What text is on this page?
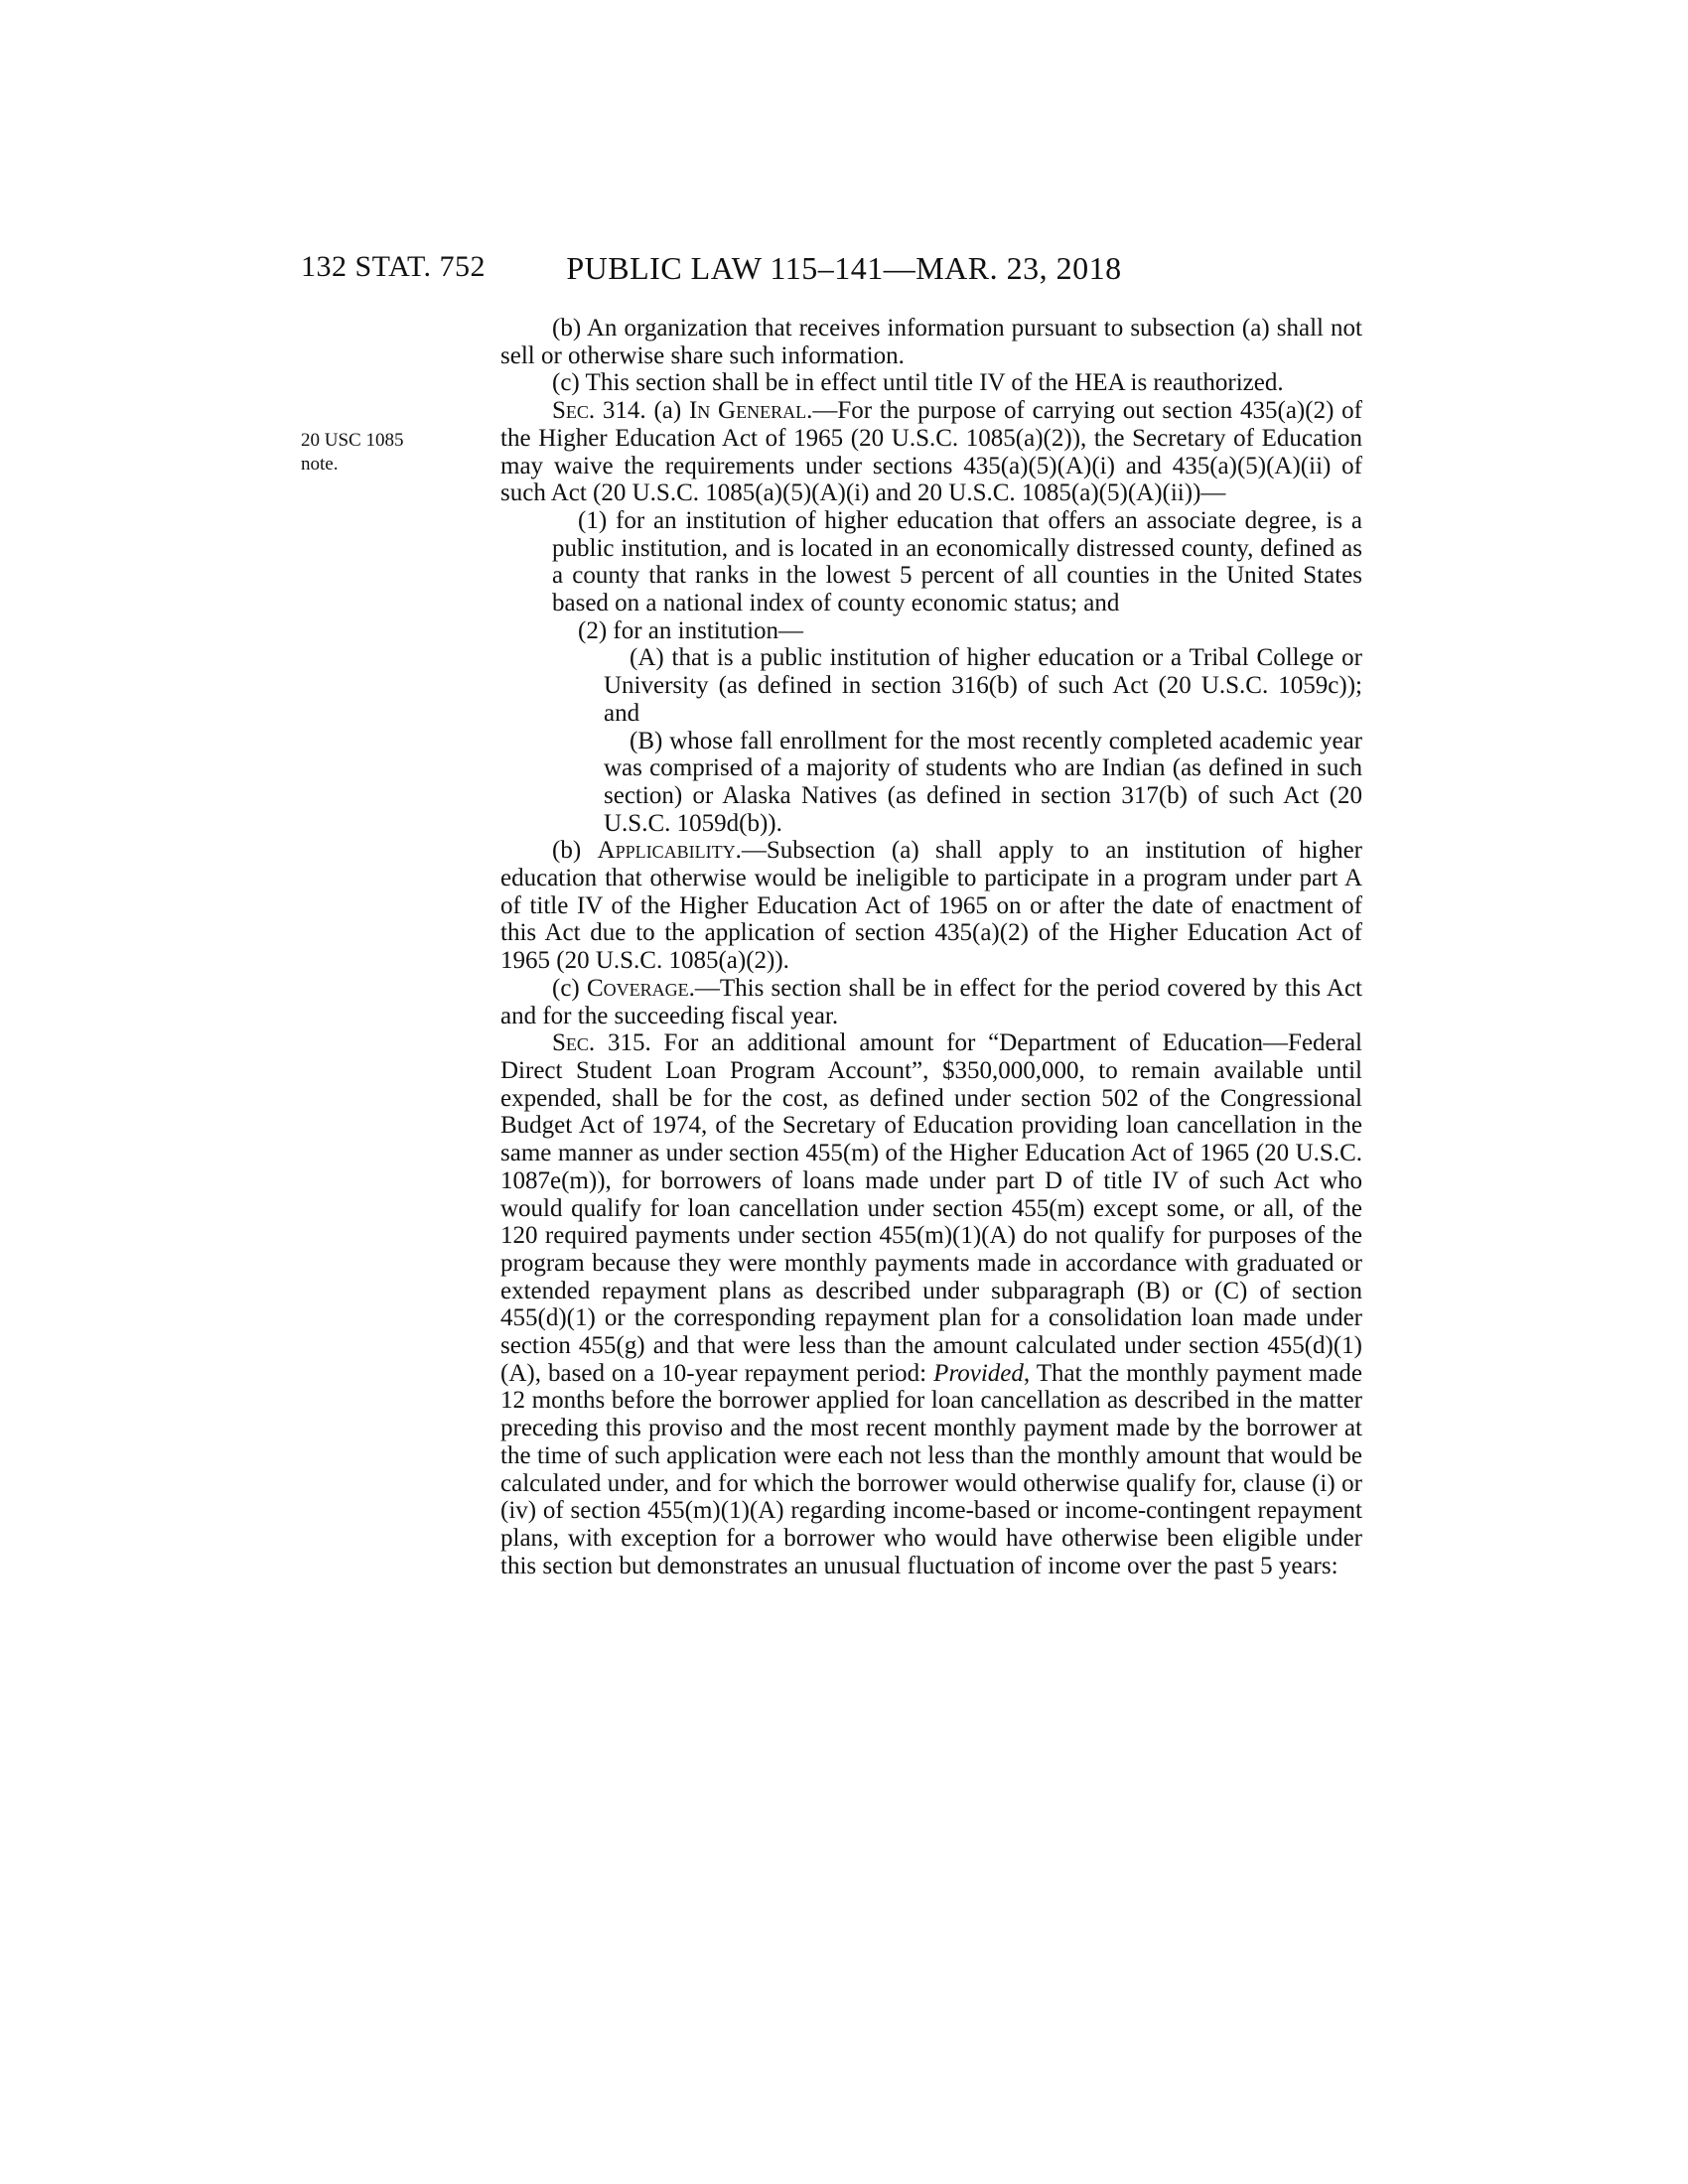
132 STAT. 752	PUBLIC LAW 115–141—MAR. 23, 2018
20 USC 1085
note.

(b) An organization that receives information pursuant to subsection (a) shall not sell or otherwise share such information.

(c) This section shall be in effect until title IV of the HEA is reauthorized.

Sec. 314. (a) In General.—For the purpose of carrying out section 435(a)(2) of the Higher Education Act of 1965 (20 U.S.C. 1085(a)(2)), the Secretary of Education may waive the requirements under sections 435(a)(5)(A)(i) and 435(a)(5)(A)(ii) of such Act (20 U.S.C. 1085(a)(5)(A)(i) and 20 U.S.C. 1085(a)(5)(A)(ii))—

(1) for an institution of higher education that offers an associate degree, is a public institution, and is located in an economically distressed county, defined as a county that ranks in the lowest 5 percent of all counties in the United States based on a national index of county economic status; and

(2) for an institution—

(A) that is a public institution of higher education or a Tribal College or University (as defined in section 316(b) of such Act (20 U.S.C. 1059c)); and

(B) whose fall enrollment for the most recently completed academic year was comprised of a majority of students who are Indian (as defined in such section) or Alaska Natives (as defined in section 317(b) of such Act (20 U.S.C. 1059d(b)).

(b) Applicability.—Subsection (a) shall apply to an institution of higher education that otherwise would be ineligible to participate in a program under part A of title IV of the Higher Education Act of 1965 on or after the date of enactment of this Act due to the application of section 435(a)(2) of the Higher Education Act of 1965 (20 U.S.C. 1085(a)(2)).

(c) Coverage.—This section shall be in effect for the period covered by this Act and for the succeeding fiscal year.

Sec. 315. For an additional amount for “Department of Education—Federal Direct Student Loan Program Account”, $350,000,000, to remain available until expended, shall be for the cost, as defined under section 502 of the Congressional Budget Act of 1974, of the Secretary of Education providing loan cancellation in the same manner as under section 455(m) of the Higher Education Act of 1965 (20 U.S.C. 1087e(m)), for borrowers of loans made under part D of title IV of such Act who would qualify for loan cancellation under section 455(m) except some, or all, of the 120 required payments under section 455(m)(1)(A) do not qualify for purposes of the program because they were monthly payments made in accordance with graduated or extended repayment plans as described under subparagraph (B) or (C) of section 455(d)(1) or the corresponding repayment plan for a consolidation loan made under section 455(g) and that were less than the amount calculated under section 455(d)(1)(A), based on a 10-year repayment period: Provided, That the monthly payment made 12 months before the borrower applied for loan cancellation as described in the matter preceding this proviso and the most recent monthly payment made by the borrower at the time of such application were each not less than the monthly amount that would be calculated under, and for which the borrower would otherwise qualify for, clause (i) or (iv) of section 455(m)(1)(A) regarding income-based or income-contingent repayment plans, with exception for a borrower who would have otherwise been eligible under this section but demonstrates an unusual fluctuation of income over the past 5 years:
